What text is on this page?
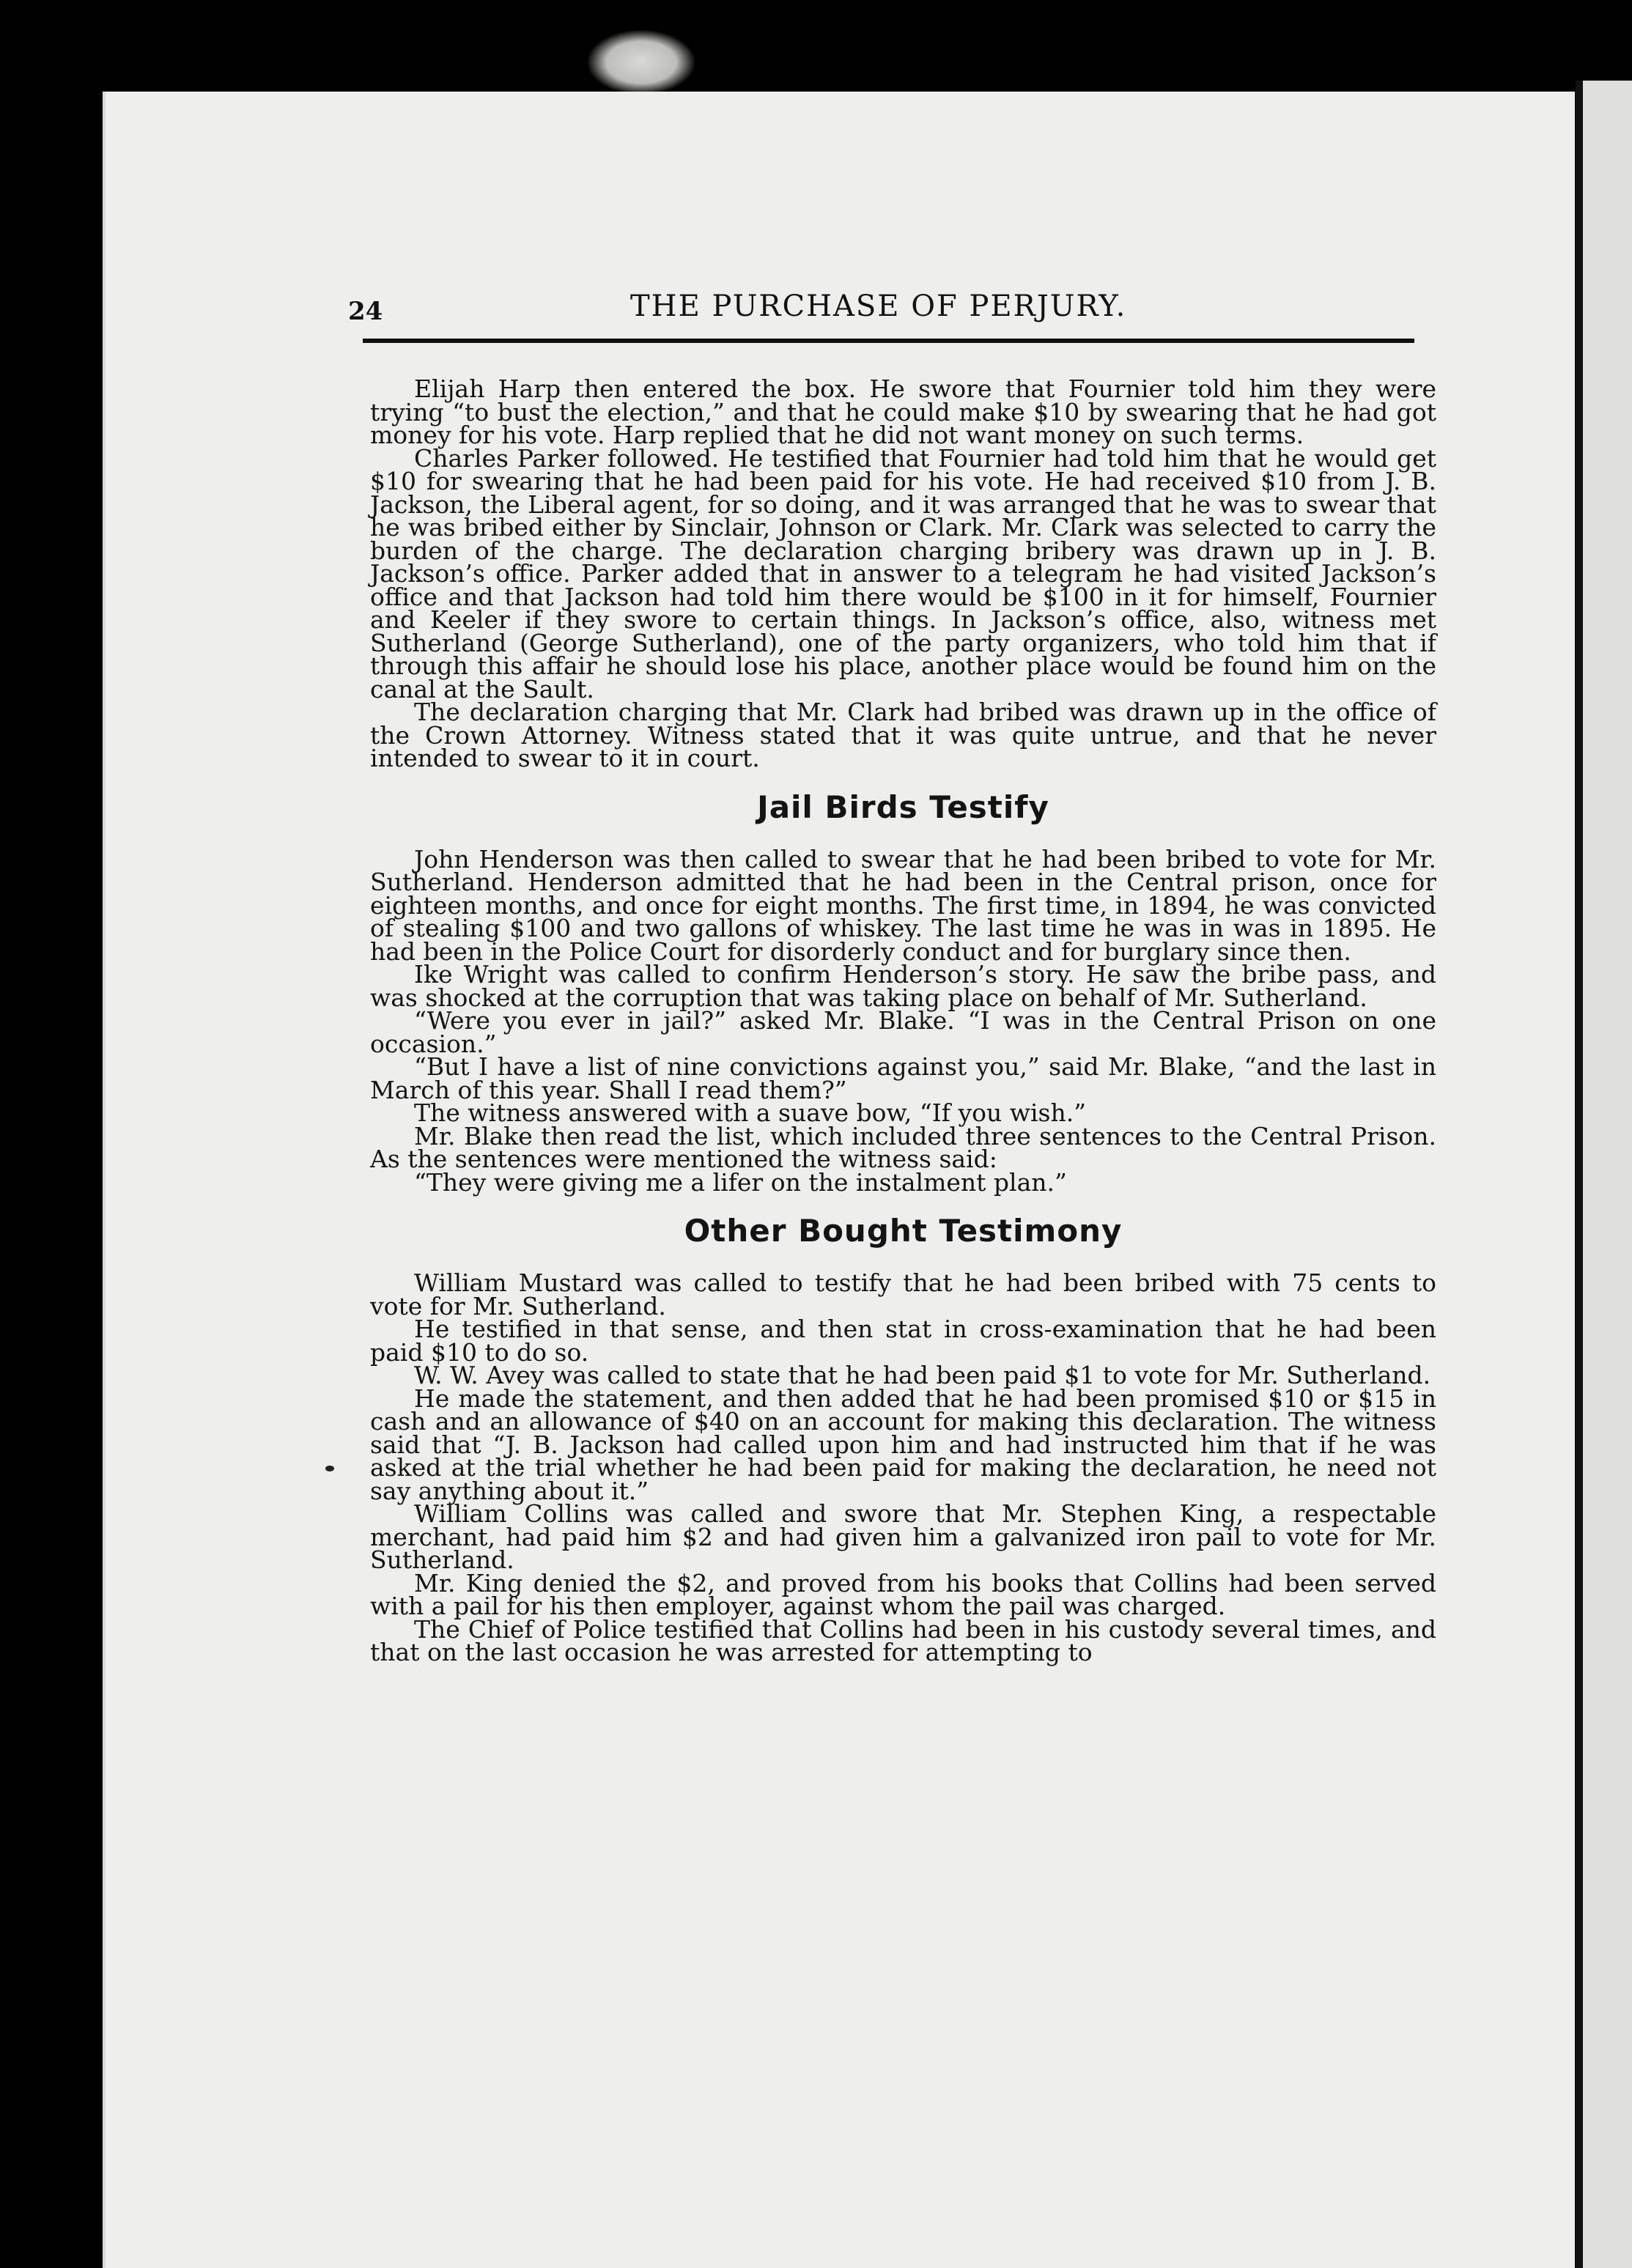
24	THE PURCHASE OF PERJURY.

Elijah Harp then entered the box. He swore that Fournier told him they were trying “to bust the election,” and that he could make $10 by swearing that he had got money for his vote. Harp replied that he did not want money on such terms.

Charles Parker followed. He testified that Fournier had told him that he would get $10 for swearing that he had been paid for his vote. He had received $10 from J. B. Jackson, the Liberal agent, for so doing, and it was arranged that he was to swear that he was bribed either by Sinclair, Johnson or Clark. Mr. Clark was selected to carry the burden of the charge. The declaration charging bribery was drawn up in J. B. Jackson’s office. Parker added that in answer to a telegram he had visited Jackson’s office and that Jackson had told him there would be $100 in it for himself, Fournier and Keeler if they swore to certain things. In Jackson’s office, also, witness met Sutherland (George Sutherland), one of the party organizers, who told him that if through this affair he should lose his place, another place would be found him on the canal at the Sault.

The declaration charging that Mr. Clark had bribed was drawn up in the office of the Crown Attorney. Witness stated that it was quite untrue, and that he never intended to swear to it in court.

Jail Birds Testify

John Henderson was then called to swear that he had been bribed to vote for Mr. Sutherland. Henderson admitted that he had been in the Central prison, once for eighteen months, and once for eight months. The first time, in 1894, he was convicted of stealing $100 and two gallons of whiskey. The last time he was in was in 1895. He had been in the Police Court for disorderly conduct and for burglary since then.

Ike Wright was called to confirm Henderson’s story. He saw the bribe pass, and was shocked at the corruption that was taking place on behalf of Mr. Sutherland.

“Were you ever in jail?” asked Mr. Blake. “I was in the Central Prison on one occasion.”

“But I have a list of nine convictions against you,” said Mr. Blake, “and the last in March of this year. Shall I read them?”

The witness answered with a suave bow, “If you wish.”

Mr. Blake then read the list, which included three sentences to the Central Prison. As the sentences were mentioned the witness said:

“They were giving me a lifer on the instalment plan.”

Other Bought Testimony

William Mustard was called to testify that he had been bribed with 75 cents to vote for Mr. Sutherland.

He testified in that sense, and then stat in cross-examination that he had been paid $10 to do so.

W. W. Avey was called to state that he had been paid $1 to vote for Mr. Sutherland.

He made the statement, and then added that he had been promised $10 or $15 in cash and an allowance of $40 on an account for making this declaration. The witness said that “J. B. Jackson had called upon him and had instructed him that if he was asked at the trial whether he had been paid for making the declaration, he need not say anything about it.”

William Collins was called and swore that Mr. Stephen King, a respectable merchant, had paid him $2 and had given him a galvanized iron pail to vote for Mr. Sutherland.

Mr. King denied the $2, and proved from his books that Collins had been served with a pail for his then employer, against whom the pail was charged.

The Chief of Police testified that Collins had been in his custody several times, and that on the last occasion he was arrested for attempting to
